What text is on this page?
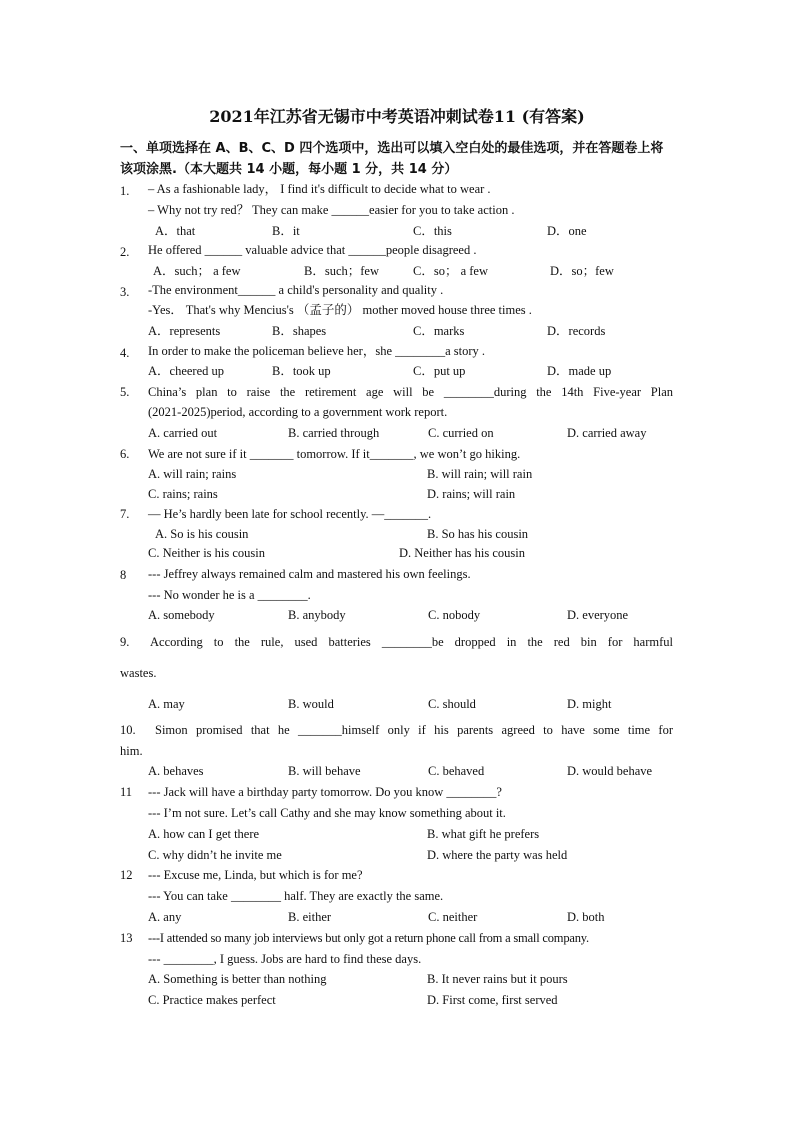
2021年江苏省无锡市中考英语冲刺试卷11 (有答案)
一、单项选择在 A、B、C、D 四个选项中，选出可以填入空白处的最佳选项，并在答题卷上将 该项涂黑.（本大题共 14 小题，每小题 1 分，共 14 分）
1. – As a fashionable lady， I find it's difficult to decide what to wear .
– Why not try red？ They can make ______easier for you to take action .
A．that	B．it	C．this	D．one
2. He offered ______ valuable advice that ______people disagreed .
A．such； a few	B．such；few	C．so； a few	D．so；few
3. -The environment______ a child's personality and quality .
-Yes． That's why Mencius's （孟子的） mother moved house three times .
A．represents	B．shapes	C．marks	D．records
4. In order to make the policeman believe her，she ________a story .
A．cheered up	B．took up	C．put up	D．made up
5. China’s plan to raise the retirement age will be ________during the 14th Five-year Plan
(2021-2025)period, according to a government work report.
A. carried out	B. carried through	C. curried on	D. carried away
6. We are not sure if it _______ tomorrow. If it_______, we won’t go hiking.
A. will rain; rains	B. will rain; will rain
C. rains; rains	D. rains; will rain
7. — He’s hardly been late for school recently. —_______.
A. So is his cousin	B. So has his cousin
C. Neither is his cousin	D. Neither has his cousin
8 --- Jeffrey always remained calm and mastered his own feelings.
--- No wonder he is a ________.
A. somebody	B. anybody	C. nobody	D. everyone
9. According to the rule, used batteries ________be dropped in the red bin for harmful
wastes.
A. may	B. would	C. should	D. might
10. Simon promised that he _______himself only if his parents agreed to have some time for
him.
A. behaves	B. will behave	C. behaved	D. would behave
11 --- Jack will have a birthday party tomorrow. Do you know ________?
--- I’m not sure. Let’s call Cathy and she may know something about it.
A. how can I get there	B. what gift he prefers
C. why didn’t he invite me	D. where the party was held
12 --- Excuse me, Linda, but which is for me?
--- You can take ________ half. They are exactly the same.
A. any	B. either	C. neither	D. both
13 ---I attended so many job interviews but only got a return phone call from a small company.
--- ________, I guess. Jobs are hard to find these days.
A. Something is better than nothing	B. It never rains but it pours
C. Practice makes perfect	D. First come, first served
